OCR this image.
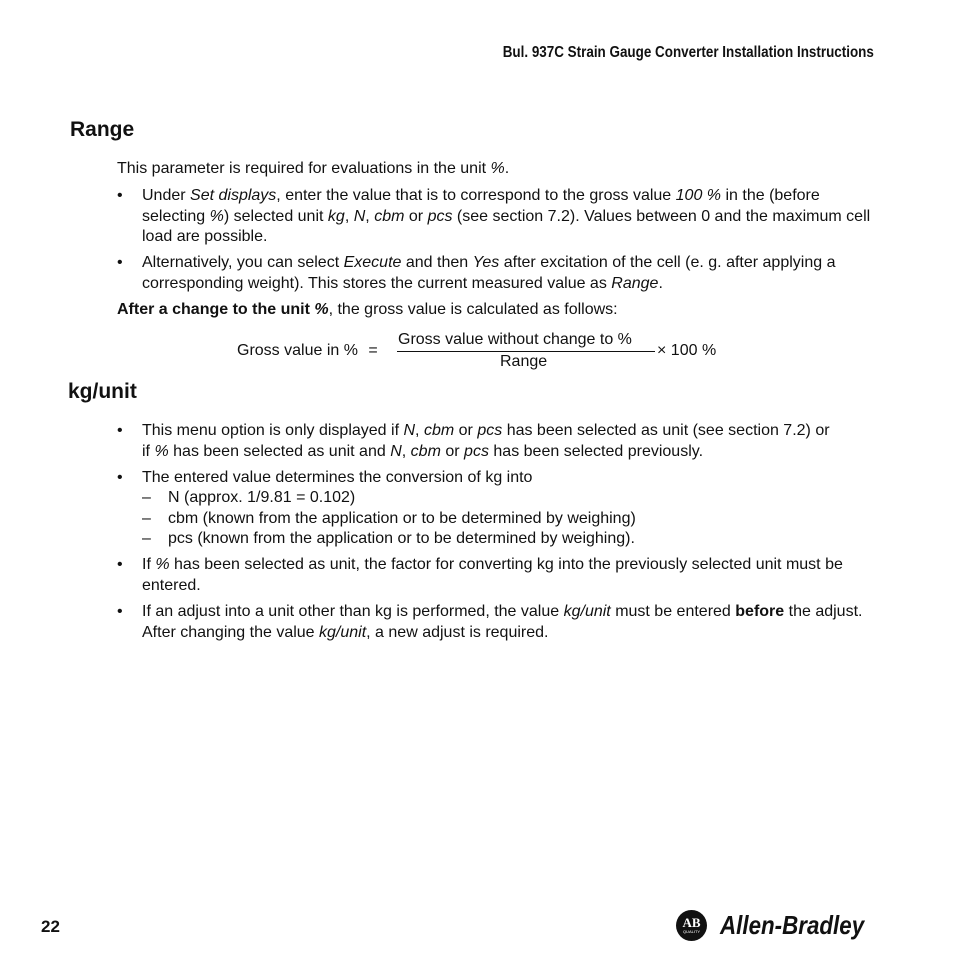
Bul. 937C Strain Gauge Converter Installation Instructions
Range
This parameter is required for evaluations in the unit %.
• Under Set displays, enter the value that is to correspond to the gross value 100 % in the (before
selecting %) selected unit kg, N, cbm or pcs (see section 7.2). Values between 0 and the maximum cell load are possible.
• Alternatively, you can select Execute and then Yes after excitation of the cell (e. g. after applying a corresponding weight). This stores the current measured value as Range.
After a change to the unit %, the gross value is calculated as follows:
Gross value in % =
Gross value without change to %
Range
× 100 %
kg/unit
• This menu option is only displayed if N, cbm or pcs has been selected as unit (see section 7.2) or
if % has been selected as unit and N, cbm or pcs has been selected previously.
• The entered value determines the conversion of kg into
– N (approx. 1/9.81 = 0.102)
– cbm (known from the application or to be determined by weighing)
– pcs (known from the application or to be determined by weighing).
• If % has been selected as unit, the factor for converting kg into the previously selected unit must be entered.
• If an adjust into a unit other than kg is performed, the value kg/unit must be entered before the adjust. After changing the value kg/unit, a new adjust is required.
22	AB
QUALITY Allen-Bradley
